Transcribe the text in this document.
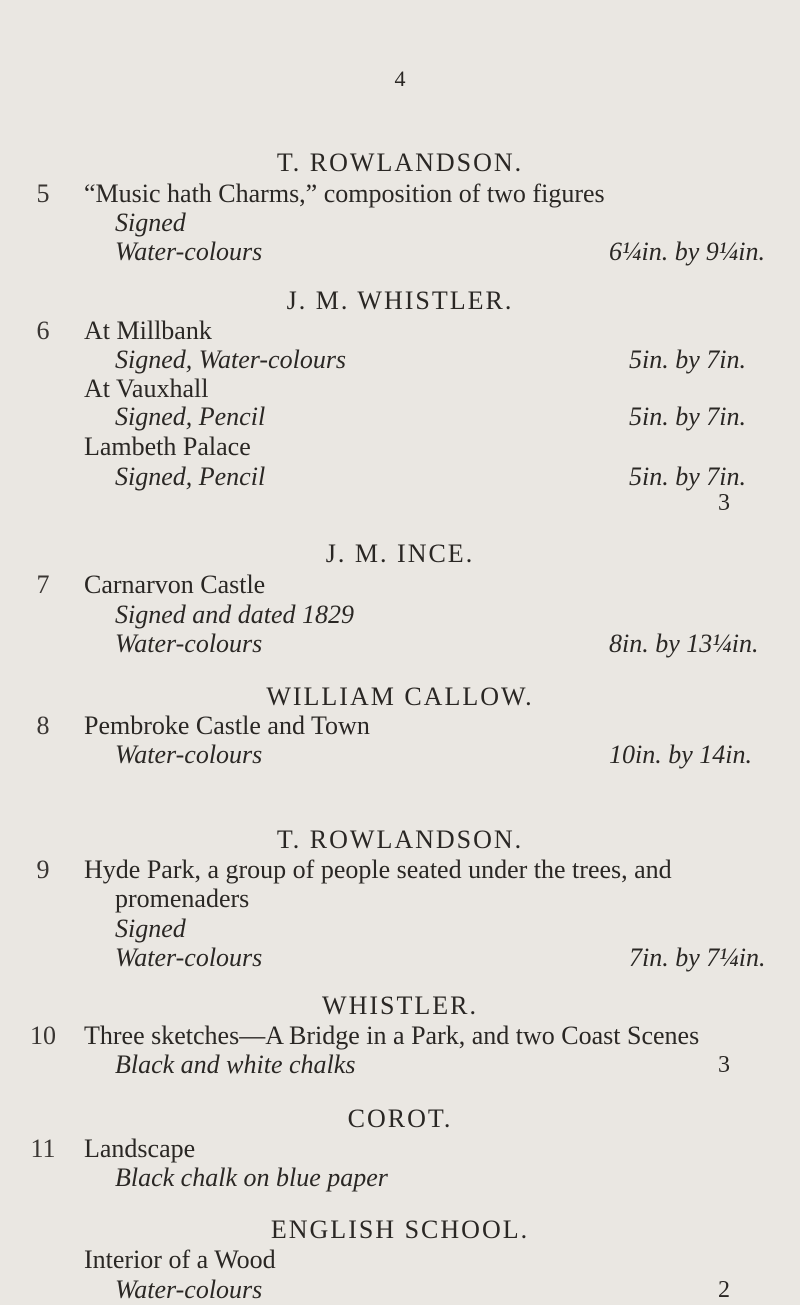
4
T. ROWLANDSON.
5	“Music hath Charms,” composition of two figures
Signed
Water-colours	6¼in. by 9¼in.
J. M. WHISTLER.
6	At Millbank
Signed, Water-colours	5in. by 7in.
At Vauxhall
Signed, Pencil	5in. by 7in.
Lambeth Palace
Signed, Pencil	5in. by 7in.
3
J. M. INCE.
7	Carnarvon Castle
Signed and dated 1829
Water-colours	8in. by 13¼in.
WILLIAM CALLOW.
8	Pembroke Castle and Town
Water-colours	10in. by 14in.
T. ROWLANDSON.
9	Hyde Park, a group of people seated under the trees, and
promenaders
Signed
Water-colours	7in. by 7¼in.
WHISTLER.
10 Three sketches—A Bridge in a Park, and two Coast Scenes
Black and white chalks	3
COROT.
11 Landscape
Black chalk on blue paper
ENGLISH SCHOOL.
Interior of a Wood
Water-colours	2
